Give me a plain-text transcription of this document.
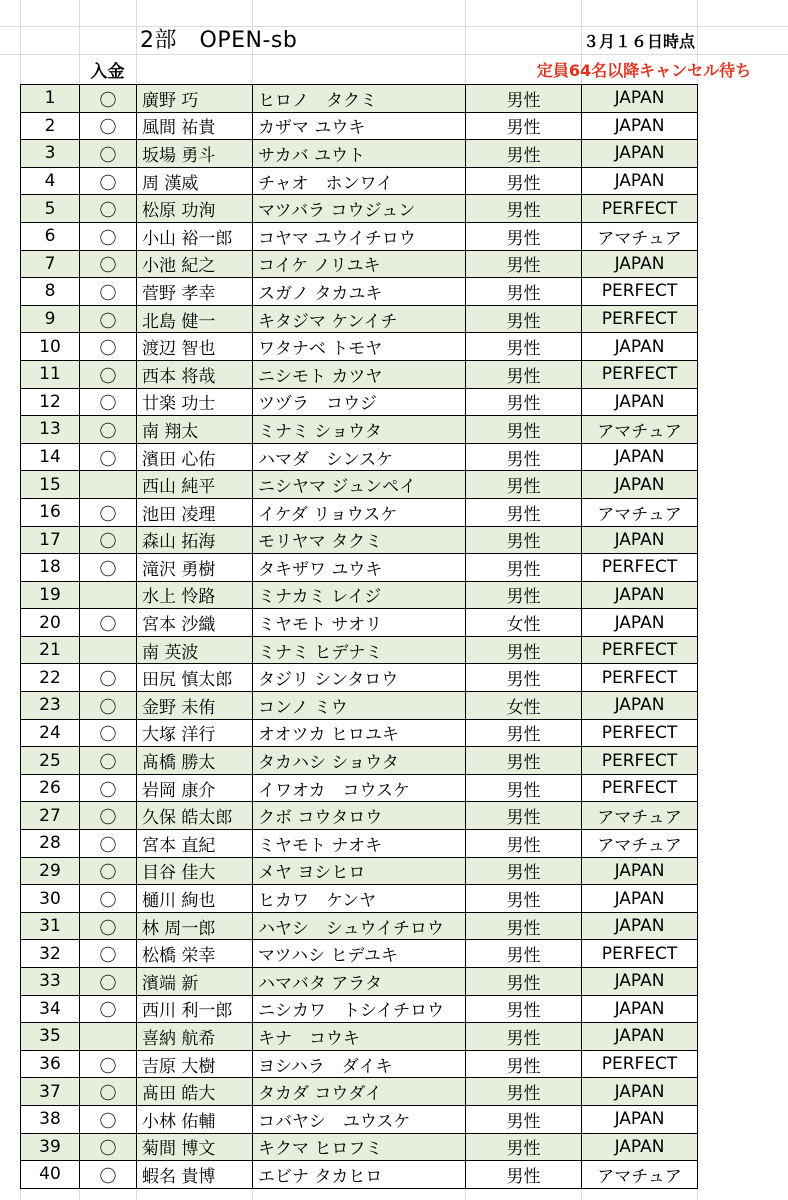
2部　OPEN-sb	３月１６日時点
入金	定員64名以降キャンセル待ち
1	〇	廣野 巧	ヒロノ　タクミ	男性	JAPAN
2	〇	風間 祐貴	カザマ ユウキ	男性	JAPAN
3	〇	坂場 勇斗	サカバ ユウト	男性	JAPAN
4	〇	周 漢威	チャオ　ホンワイ	男性	JAPAN
5	〇	松原 功洵	マツバラ コウジュン	男性	PERFECT
6	〇	小山 裕一郎	コヤマ ユウイチロウ	男性	アマチュア
7	〇	小池 紀之	コイケ ノリユキ	男性	JAPAN
8	〇	菅野 孝幸	スガノ タカユキ	男性	PERFECT
9	〇	北島 健一	キタジマ ケンイチ	男性	PERFECT
10	〇	渡辺 智也	ワタナベ トモヤ	男性	JAPAN
11	〇	西本 将哉	ニシモト カツヤ	男性	PERFECT
12	〇	廿楽 功士	ツヅラ　コウジ	男性	JAPAN
13	〇	南 翔太	ミナミ ショウタ	男性	アマチュア
14	〇	濱田 心佑	ハマダ　シンスケ	男性	JAPAN
15		西山 純平	ニシヤマ ジュンペイ	男性	JAPAN
16	〇	池田 凌理	イケダ リョウスケ	男性	アマチュア
17	〇	森山 拓海	モリヤマ タクミ	男性	JAPAN
18	〇	滝沢 勇樹	タキザワ ユウキ	男性	PERFECT
19		水上 怜路	ミナカミ レイジ	男性	JAPAN
20	〇	宮本 沙織	ミヤモト サオリ	女性	JAPAN
21		南 英波	ミナミ ヒデナミ	男性	PERFECT
22	〇	田尻 慎太郎	タジリ シンタロウ	男性	PERFECT
23	〇	金野 未侑	コンノ ミウ	女性	JAPAN
24	〇	大塚 洋行	オオツカ ヒロユキ	男性	PERFECT
25	〇	髙橋 勝太	タカハシ ショウタ	男性	PERFECT
26	〇	岩岡 康介	イワオカ　コウスケ	男性	PERFECT
27	〇	久保 皓太郎	クボ コウタロウ	男性	アマチュア
28	〇	宮本 直紀	ミヤモト ナオキ	男性	アマチュア
29	〇	目谷 佳大	メヤ ヨシヒロ	男性	JAPAN
30	〇	樋川 絢也	ヒカワ　ケンヤ	男性	JAPAN
31	〇	林 周一郎	ハヤシ　シュウイチロウ	男性	JAPAN
32	〇	松橋 栄幸	マツハシ ヒデユキ	男性	PERFECT
33	〇	濱端 新	ハマバタ アラタ	男性	JAPAN
34	〇	西川 利一郎	ニシカワ　トシイチロウ	男性	JAPAN
35		喜納 航希	キナ　コウキ	男性	JAPAN
36	〇	吉原 大樹	ヨシハラ　ダイキ	男性	PERFECT
37	〇	髙田 皓大	タカダ コウダイ	男性	JAPAN
38	〇	小林 佑輔	コバヤシ　ユウスケ	男性	JAPAN
39	〇	菊間 博文	キクマ ヒロフミ	男性	JAPAN
40	〇	蝦名 貴博	エビナ タカヒロ	男性	アマチュア
